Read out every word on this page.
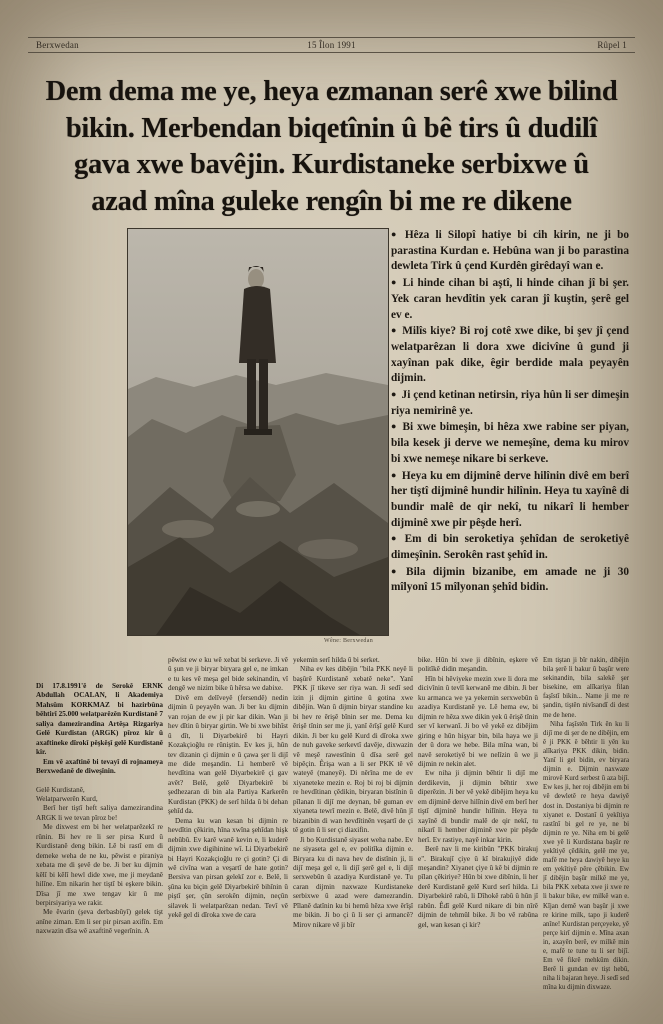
Berxwedan	15 Îlon 1991	Rûpel 1
Dem dema me ye, heya ezmanan serê xwe bilind
bikin. Merbendan biqetînin û bê tirs û dudilî
gava xwe bavêjin. Kurdistaneke serbixwe û
azad mîna guleke rengîn bi me re dikene
Wêne: Berxwedan

● Hêza li Silopî hatiye bi cih kirin, ne ji bo parastina Kurdan e. Hebûna wan ji bo parastina dewleta Tirk û çend Kurdên girêdayî wan e.

● Li hinde cihan bi aştî, li hinde cihan jî bi şer. Yek caran hevdîtin yek caran jî kuştin, şerê gel ev e.

● Milîs kiye? Bi roj cotê xwe dike, bi şev jî çend welatparêzan li dora xwe dicivîne û gund ji xayînan pak dike, êgir berdide mala peyayên dijmin.

● Ji çend ketinan netirsin, riya hûn li ser dimeşin riya nemirinê ye.

● Bi xwe bimeşin, bi hêza xwe rabine ser piyan, bila kesek ji derve we nemeşîne, dema ku mirov bi xwe nemeşe nikare bi serkeve.

● Heya ku em dijminê derve hilînin divê em berî her tiştî dijminê hundir hilînin. Heya tu xayînê di bundir malê de qir nekî, tu nikarî li hember dijminê xwe pir pêşde herî.

● Em di bin seroketiya şehîdan de seroketiyê dimeşînin. Serokên rast şehîd in.

● Bila dijmin bizanibe, em amade ne ji 30 mîlyonî 15 mîlyonan şehîd bidin.

Di 17.8.1991'ê de Serokê ERNK Abdullah OCALAN, li Akademiya Mahsûm KORKMAZ bi hazirbûna bêhtirî 25.000 welatparêzên Kurdistanê 7 saliya damezirandina Artêşa Rizgariya Gelê Kurdistan (ARGK) pîroz kir û axaftineke dîrokî pêşkêşî gelê Kurdistanê kir.

Em vê axaftinê bi tevayî di rojnameya Berxwedanê de diweşînin.

Gelê Kurdistanê,

Welatparwerên Kurd,

Berî her tiştî heft saliya damezirandina ARGK li we tevan pîroz be!

Me dixwest em bi her welatparêzekî re rûnin. Bi hev re li ser pirsa Kurd û Kurdistanê deng bikin. Lê bi rastî em di demeke weha de ne ku, pêwist e piraniya xebata me di şevê de be. Ji ber ku dijmin kêlî bi kêlî hewl dide xwe, me ji meydanê hilîne. Em nikarin her tiştî bi eşkere bikin. Dîsa jî me xwe tengav kir û me berpirsiyariya we rakir.

Me êvarin (şeva derbasbûyî) gelek tişt anîne ziman. Em li ser pir pirsan axifîn. Em naxwazin dîsa wê axaftinê vegerînin. A

pêwist ew e ku wê xebat bi serkeve. Ji vê û şun ve ji biryar biryara gel e, ne imkan e tu kes vê meşa gel bide sekinandin, vî dengê we nizim bike û hêrsa we dabixe.

Divê em delîveyê (fersendê) nedin dijmin û peyayên wan. Ji ber ku dijmin van rojan de ew ji pir kar dikin. Wan ji hev dîtin û biryar girtin. We bi xwe bihîst û dît, li Diyarbekirê bi Hayri Kozakçioğlu re rûniştin. Ev kes ji, hûn tev dizanin çi dijmin e û çawa şer li dijî me dide meşandin. Li hemberê vê hevdîtina wan gelê Diyarbekirê çi gav avêt? Belê, gelê Diyarbekirê bi şedhezaran di bin ala Partiya Karkerên Kurdistan (PKK) de serî hilda û bi dehan şehîd da.

Dema ku wan kesan bi dijmin re hevdîtin çêkirin, hîna xwîna şehîdan hişk nebûbû. Ev karê wanê kevin e, li kuderê dijmin xwe digihinine wî. Li Diyarbekirê bi Hayri Kozakçioğlu re çi gotin? Çi di wê civîna wan a veşartî de hate gotin? Bersiva van pirsan gelekî zor e. Belê, li şûna ku biçin gelê Diyarbekirê bihînin û piştî şer, çûn serokên dijmin, neçûn silavek li welatparêzan nedan. Tevî vê yekê gel di dîroka xwe de cara

yekemin serî hilda û bi serket.

Niha ev kes dibêjin "bila PKK neyê li başûrê Kurdistanê xebatê neke". Yanî PKK jî tikeve ser riya wan. Ji sedî sed izin ji dijmin girtine û gotina xwe dibêjin. Wan û dijmin biryar standine ku bi hev re êrişê bînin ser me. Dema ku êrişê tînin ser me ji, yanî êrîşî gelê Kurd dikin. Ji ber ku gelê Kurd di dîroka xwe de nuh gaveke serkevtî davêje, dixwazin vê meşê rawestînin û dîsa serê gel bipêçin. Êrişa wan a li ser PKK tê vê wateyê (maneyê). Di nêrîna me de ev xiyaneteke mezin e. Roj bi roj bi dijmin re hevdîtinan çêdikin, biryaran bistînin û pîlanan li dijî me deynan, bê guman ev xiyaneta tewrî mezin e. Belê, divê hûn jî bizanibin di wan hevdîtinên veşartî de çi tê gotin û li ser çi diaxifin.

Ji bo Kurdistanê siyaset weha nabe. Ev ne siyaseta gel e, ev politîka dijmin e. Biryara ku di nava hev de distînin ji, li dijî meşa gel e, li dijî şerê gel e, li dijî serxwebûn û azadiya Kurdistanê ye. Tu caran dijmin naxwaze Kurdistaneke serbixwe û azad were damezrandin. Pîlanê datînin ku bi hemû hêza xwe êrîşî me bikin. Ji bo çi û li ser çi armancê? Mirov nikare vê ji bîr

bike. Hûn bi xwe ji dibînin, eşkere vê politîkê didin meşandin.

Hîn bi hêviyeke mezin xwe li dora me dicivînin û tevlî kerwanê me dibin. Ji ber ku armanca we ya yekemin serxwebûn û azadiya Kurdistanê ye. Lê hema ew, bi dijmin re hêza xwe dikin yek û êrişê tînin ser vî kerwanî. Ji bo vê yekê ez dibêjim giring e hûn hişyar bin, bila haya we ji der û dora we hebe. Bila mîna wan, bi navê seroketiyê bi we nelîzin û we ji dijmin re nekin alet.

Ew niha ji dijmin bêhtir li dijî me derdikevin, ji dijmin bêhtir xwe diperêzin. Ji ber vê yekê dibêjim heya ku em dijminê derve hilînin divê em berî her tiştî dijminê hundir hilînin. Heya tu xayînê di bundir malê de qir nekî, tu nikarî li hember dijminê xwe pir pêşde herî. Ev rastiye, nayê inkar kirin.

Berê nav li me kiribûn "PKK birakuj e". Birakujî çiye û kî birakujiyê dide meşandin? Xiyanet çiye û kê bi dijmin re pîlan çêkiriye? Hûn bi xwe dibînin, li her derê Kurdistanê gelê Kurd serî hilda. Li Diyarbekirê rabû, li Dîhokê rabû û hûn jî rabûn. Êdî gelê Kurd nikare di bin nîrê dijmin de tehmûl bike. Ji bo vê rabûna gel, wan kesan çi kir?

Em tiştan ji bîr nakin, dibêjin bila şerê li bakur û başûr were sekinandin, bila salekê şer bisekine, em alîkariya filan faşîstî bikin... Name ji me re şandin, tiştên nivîsandî di dest me de hene.

Niha faşîstên Tirk ên ku li dijî me di şer de ne dibêjin, em ê ji PKK ê bêhtir li yên ku alîkariya PKK dikin, bidin. Yanî li gel bidin, ev biryara dijmin e. Dijmin naxwaze mirovê Kurd serbest û aza bijî. Ew kes ji, her roj dibêjin em bi vê dewletê re heya dawiyê dost in. Dostaniya bi dijmin re xiyanet e. Dostanî û yekîtiya rastînî bi gel re ye, ne bi dijmin re ye. Niha em bi gelê xwe yê li Kurdistana başûr re yekîtiyê çêdikin, gelê me ye, mafê me heya dawiyê heye ku em yekîtiyê pêre çêbikin. Ew jî dibêjin başûr milkê me ye, bila PKK xebata xwe ji xwe re li bakur bike, ew milkê wan e. Kîjan demê wan başûr ji xwe re kirine milk, tapo ji kuderê anîne! Kurdistan perçeyeke, yê perçe kirî dijmin e. Mîna axan in, axayên berê, ev milkê min e, mafê te tune tu li ser bijî. Em vê fikrê mehkûm dikin. Berê li gundan ev tişt hebû, niha li bajaran heye. Ji sedî sed mîna ku dijmin dixwaze.
